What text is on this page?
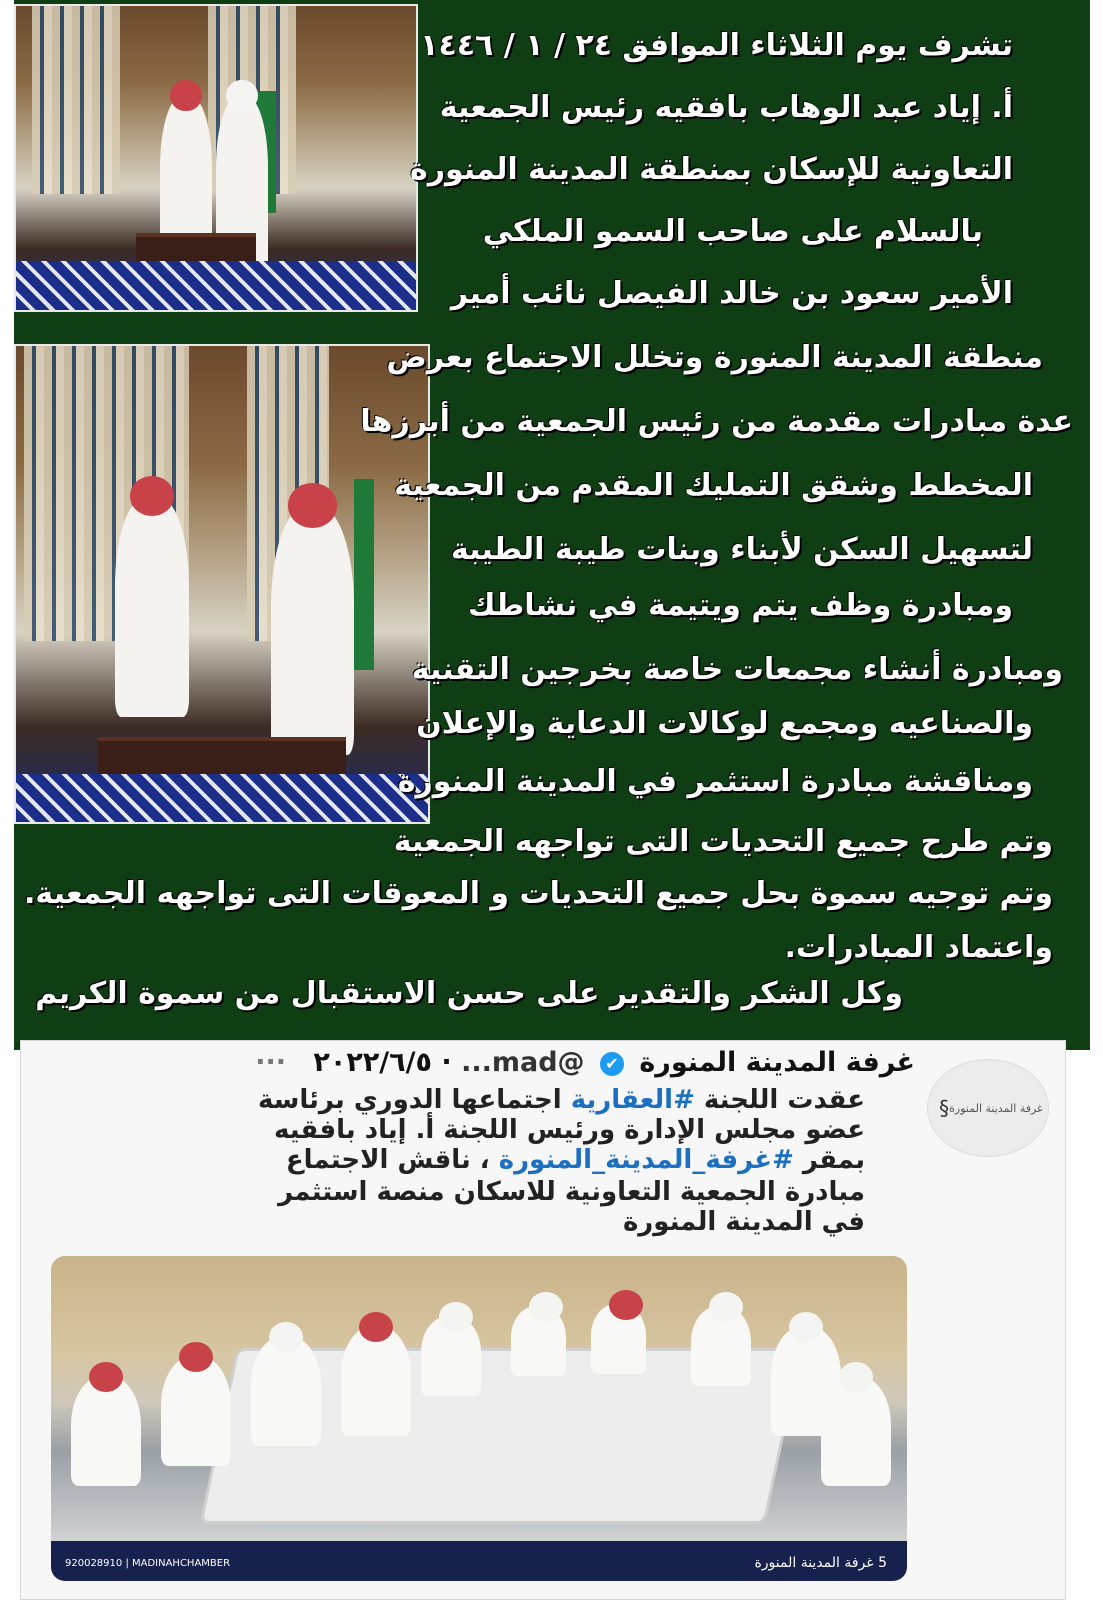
تشرف يوم الثلاثاء الموافق ٢٤ / ١ / ١٤٤٦
أ. إياد عبد الوهاب بافقيه رئيس الجمعية
التعاونية للإسكان بمنطقة المدينة المنورة
بالسلام على صاحب السمو الملكي
الأمير سعود بن خالد الفيصل نائب أمير
منطقة المدينة المنورة وتخلل الاجتماع بعرض
عدة مبادرات مقدمة من رئيس الجمعية من أبرزها
المخطط وشقق التمليك المقدم من الجمعية
لتسهيل السكن لأبناء وبنات طيبة الطيبة
ومبادرة وظف يتم ويتيمة في نشاطك
ومبادرة أنشاء مجمعات خاصة بخرجين التقنية
والصناعيه ومجمع لوكالات الدعاية والإعلان
ومناقشة مبادرة استثمر في المدينة المنورة
وتم طرح جميع التحديات التى تواجهه الجمعية
وتم توجيه سموة بحل جميع التحديات و المعوقات التى تواجهه الجمعية.
واعتماد المبادرات.
وكل الشكر والتقدير على حسن الاستقبال من سموة الكريم
§ غرفة المدينة المنورة
غرفة المدينة المنورة ✔ @mad... · ٢٠٢٢/٦/٥ ···
عقدت اللجنة #العقارية اجتماعها الدوري برئاسة
عضو مجلس الإدارة ورئيس اللجنة أ. إياد بافقيه
بمقر #غرفة_المدينة_المنورة ، ناقش الاجتماع
مبادرة الجمعية التعاونية للاسكان منصة استثمر
في المدينة المنورة
920028910 | MADINAHCHAMBER	5 غرفة المدينة المنورة
